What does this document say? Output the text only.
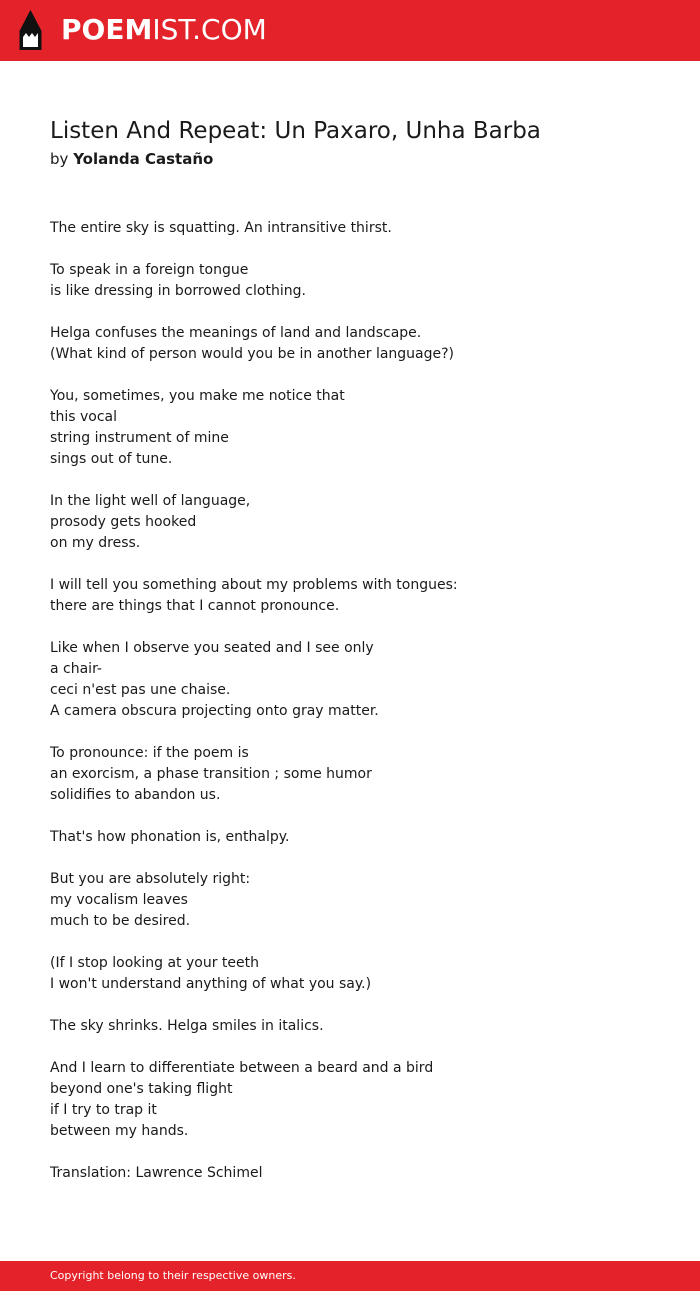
POEMIST.COM
Listen And Repeat: Un Paxaro, Unha Barba
by Yolanda Castaño
The entire sky is squatting. An intransitive thirst.
To speak in a foreign tongue
is like dressing in borrowed clothing.
Helga confuses the meanings of land and landscape.
(What kind of person would you be in another language?)
You, sometimes, you make me notice that
this vocal
string instrument of mine
sings out of tune.
In the light well of language,
prosody gets hooked
on my dress.
I will tell you something about my problems with tongues:
there are things that I cannot pronounce.
Like when I observe you seated and I see only
a chair-
ceci n'est pas une chaise.
A camera obscura projecting onto gray matter.
To pronounce: if the poem is
an exorcism, a phase transition ; some humor
solidifies to abandon us.
That's how phonation is, enthalpy.
But you are absolutely right:
my vocalism leaves
much to be desired.
(If I stop looking at your teeth
I won't understand anything of what you say.)
The sky shrinks. Helga smiles in italics.
And I learn to differentiate between a beard and a bird
beyond one's taking flight
if I try to trap it
between my hands.
Translation: Lawrence Schimel
Copyright belong to their respective owners.
